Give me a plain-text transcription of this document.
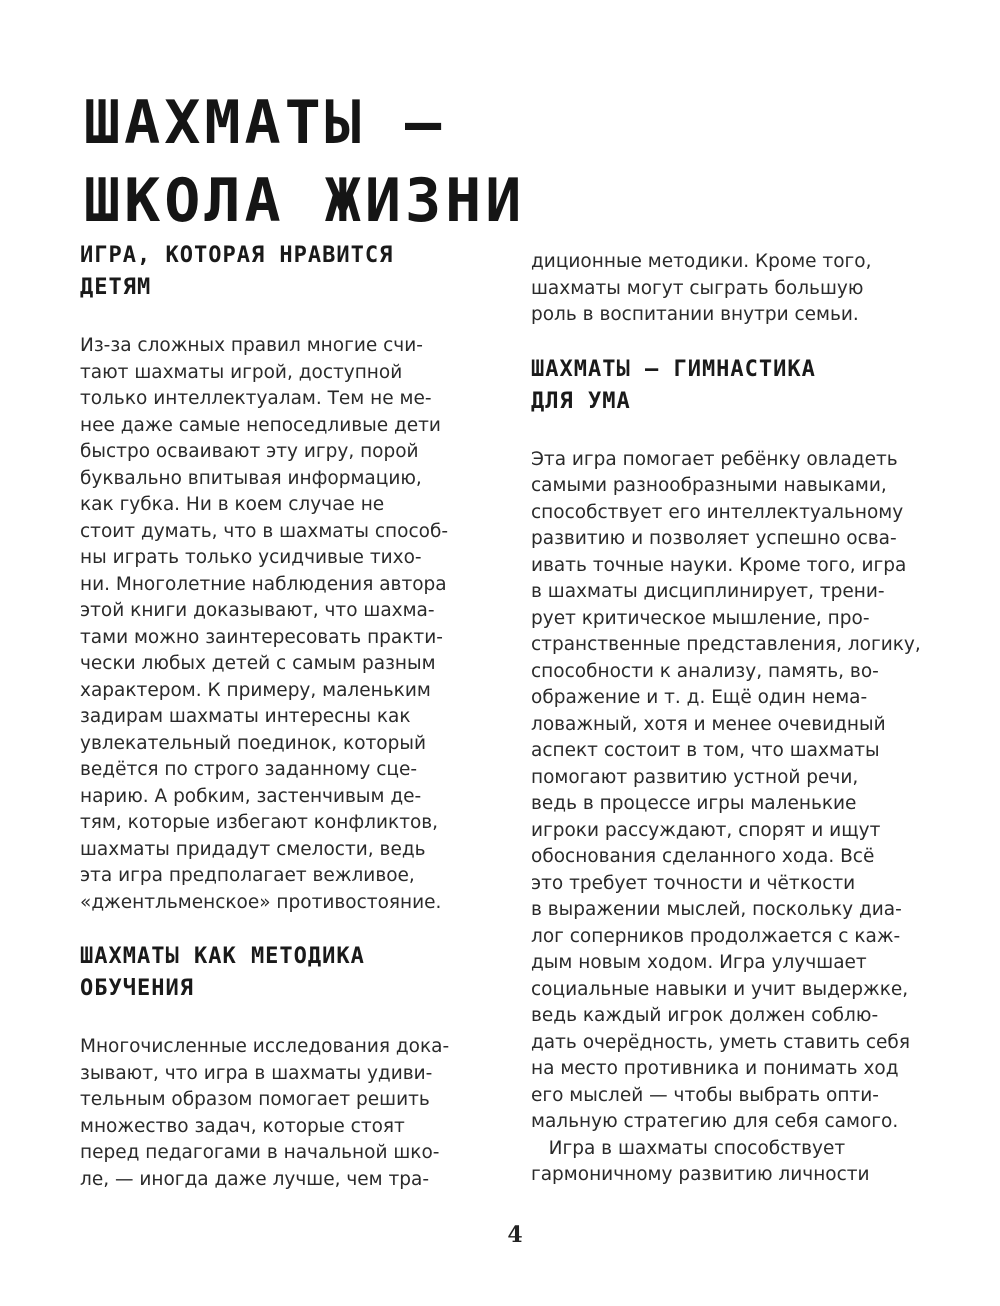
ШАХМАТЫ —
ШКОЛА ЖИЗНИ
ИГРА, КОТОРАЯ НРАВИТСЯ
ДЕТЯМ

Из-за сложных правил многие счи-
тают шахматы игрой, доступной
только интеллектуалам. Тем не ме-
нее даже самые непоседливые дети
быстро осваивают эту игру, порой
буквально впитывая информацию,
как губка. Ни в коем случае не
стоит думать, что в шахматы способ-
ны играть только усидчивые тихо-
ни. Многолетние наблюдения автора
этой книги доказывают, что шахма-
тами можно заинтересовать практи-
чески любых детей с самым разным
характером. К примеру, маленьким
задирам шахматы интересны как
увлекательный поединок, который
ведётся по строго заданному сце-
нарию. А робким, застенчивым де-
тям, которые избегают конфликтов,
шахматы придадут смелости, ведь
эта игра предполагает вежливое,
«джентльменское» противостояние.

ШАХМАТЫ КАК МЕТОДИКА
ОБУЧЕНИЯ

Многочисленные исследования дока-
зывают, что игра в шахматы удиви-
тельным образом помогает решить
множество задач, которые стоят
перед педагогами в начальной шко-
ле, — иногда даже лучше, чем тра-

диционные методики. Кроме того,
шахматы могут сыграть большую
роль в воспитании внутри семьи.

ШАХМАТЫ — ГИМНАСТИКА
ДЛЯ УМА

Эта игра помогает ребёнку овладеть
самыми разнообразными навыками,
способствует его интеллектуальному
развитию и позволяет успешно осва-
ивать точные науки. Кроме того, игра
в шахматы дисциплинирует, трени-
рует критическое мышление, про-
странственные представления, логику,
способности к анализу, память, во-
ображение и т. д. Ещё один нема-
ловажный, хотя и менее очевидный
аспект состоит в том, что шахматы
помогают развитию устной речи,
ведь в процессе игры маленькие
игроки рассуждают, спорят и ищут
обоснования сделанного хода. Всё
это требует точности и чёткости
в выражении мыслей, поскольку диа-
лог соперников продолжается с каж-
дым новым ходом. Игра улучшает
социальные навыки и учит выдержке,
ведь каждый игрок должен соблю-
дать очерёдность, уметь ставить себя
на место противника и понимать ход
его мыслей — чтобы выбрать опти-
мальную стратегию для себя самого.
Игра в шахматы способствует
гармоничному развитию личности

4
